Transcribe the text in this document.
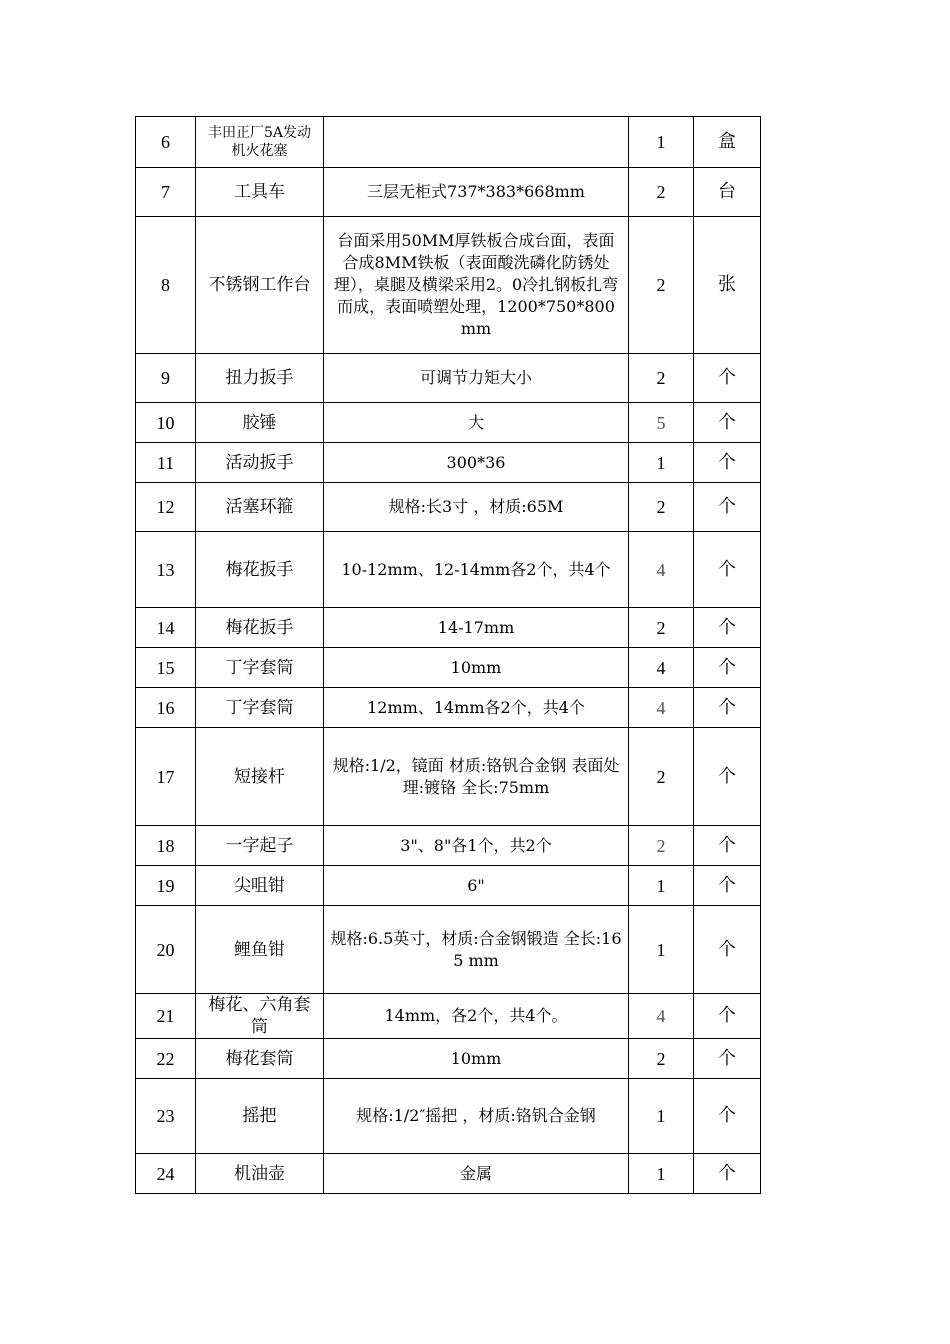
6	丰田正厂5A发动机火花塞		1	盒
7	工具车	三层无柜式737*383*668mm	2	台
8	不锈钢工作台	台面采用50MM厚铁板合成台面，表面合成8MM铁板（表面酸洗磷化防锈处理），桌腿及横梁采用2。0冷扎钢板扎弯而成，表面喷塑处理，1200*750*800mm	2	张
9	扭力扳手	可调节力矩大小	2	个
10	胶锤	大	5	个
11	活动扳手	300*36	1	个
12	活塞环箍	规格:长3寸 ，材质:65M	2	个
13	梅花扳手	10-12mm、12-14mm各2个，共4个	4	个
14	梅花扳手	14-17mm	2	个
15	丁字套筒	10mm	4	个
16	丁字套筒	12mm、14mm各2个，共4个	4	个
17	短接杆	规格:1/2，镜面 材质:铬钒合金钢 表面处理:镀铬 全长:75mm	2	个
18	一字起子	3"、8"各1个，共2个	2	个
19	尖咀钳	6"	1	个
20	鲤鱼钳	规格:6.5英寸，材质:合金钢锻造 全长:165 mm	1	个
21	梅花、六角套筒	14mm，各2个，共4个。	4	个
22	梅花套筒	10mm	2	个
23	摇把	规格:1/2″摇把 ，材质:铬钒合金钢	1	个
24	机油壶	金属	1	个
